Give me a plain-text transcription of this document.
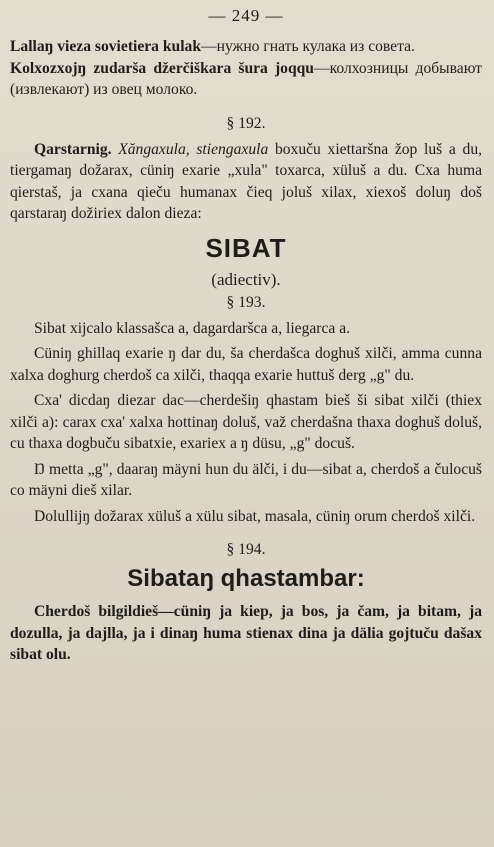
— 249 —

Lallaŋ vieza sovietiera kulak—нужно гнать кулака из совета.

Kolxozxojŋ zudarša džerčiškara šura joqqu—колхозницы добывают (извлекают) из овец молоко.

§ 192.

Qarstarnig. Xăngaxula, stiengaxula boxuču xiettaršna žop luš a du, tiergamaŋ dožarax, cüniŋ exarie „xula" toxarca, xüluš a du. Cxa huma qierstaš, ja cxana qieču humanax čieq joluš xilax, xiexoš doluŋ doš qarstaraŋ dožiriex dalon dieza:

SIBAT
(adiectiv).
§ 193.

Sibat xijcalo klassašca a, dagardaršca a, liegarca a.

Cüniŋ ghillaq exarie ŋ dar du, ša cherdašca doghuš xilči, amma cunna xalxa doghurg cherdoš ca xilči, thaqqa exarie huttuš derg „g" du.

Cxa' dicdaŋ diezar dac—cherdešiŋ qhastam bieš ši sibat xilči (thiex xilči a): carax cxa' xalxa hottinaŋ doluš, važ cherdašna thaxa doghuš doluš, cu thaxa dogbuču sibatxie, exariex a ŋ düsu, „g" docuš.

Ŋ metta „g", daaraŋ mäyni hun du älči, i du—sibat a, cherdoš a čulocuš co mäyni dieš xilar.

Dolullijŋ dožarax xüluš a xülu sibat, masala, cüniŋ orum cherdoš xilči.

§ 194.
Sibataŋ qhastambar:

Cherdoš bilgildieš—cüniŋ ja kiep, ja bos, ja čam, ja bitam, ja dozulla, ja dajlla, ja i dinaŋ huma stienax dina ja dälia gojtuču dašax sibat olu.
